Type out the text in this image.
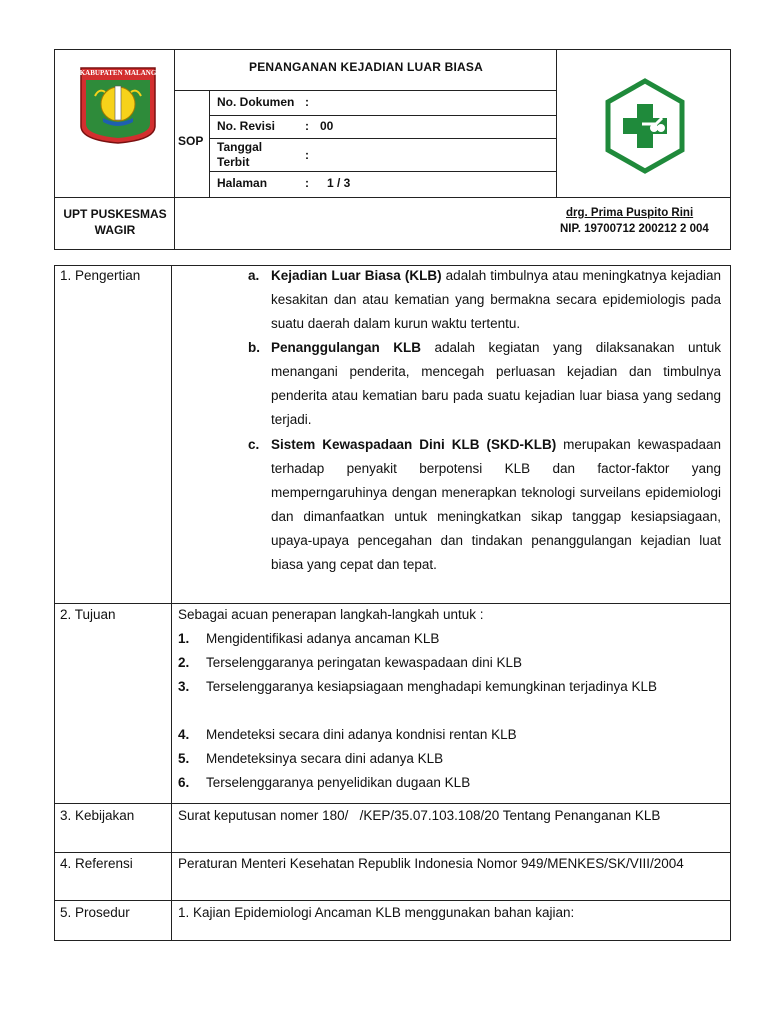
KABUPATEN MALANG	PENANGANAN KEJADIAN LUAR BIASA
SOP
No. Dokumen :
No. Revisi : 00
Tanggal Terbit	:
Halaman	: 1 / 3
UPT PUSKESMAS WAGIR
drg. Prima Puspito Rini
NIP. 19700712 200212 2 004
1. Pengertian	a. Kejadian Luar Biasa (KLB) adalah timbulnya atau meningkatnya kejadian kesakitan dan atau kematian yang bermakna secara epidemiologis pada suatu daerah dalam kurun waktu tertentu.
b. Penanggulangan KLB adalah kegiatan yang dilaksanakan untuk menangani penderita, mencegah perluasan kejadian dan timbulnya penderita atau kematian baru pada suatu kejadian luar biasa yang sedang terjadi.
c. Sistem Kewaspadaan Dini KLB (SKD-KLB) merupakan kewaspadaan terhadap penyakit berpotensi KLB dan factor-faktor yang memperngaruhinya dengan menerapkan teknologi surveilans epidemiologi dan dimanfaatkan untuk meningkatkan sikap tanggap kesiapsiagaan, upaya-upaya pencegahan dan tindakan penanggulangan kejadian luat biasa yang cepat dan tepat.
2. Tujuan	Sebagai acuan penerapan langkah-langkah untuk :
1. Mengidentifikasi adanya ancaman KLB
2. Terselenggaranya peringatan kewaspadaan dini KLB
3. Terselenggaranya kesiapsiagaan menghadapi kemungkinan terjadinya KLB
4. Mendeteksi secara dini adanya kondnisi rentan KLB
5. Mendeteksinya secara dini adanya KLB
6. Terselenggaranya penyelidikan dugaan KLB
3. Kebijakan	Surat keputusan nomer 180/   /KEP/35.07.103.108/20 Tentang Penanganan KLB
4. Referensi	Peraturan Menteri Kesehatan Republik Indonesia Nomor 949/MENKES/SK/VIII/2004
5. Prosedur	1. Kajian Epidemiologi Ancaman KLB menggunakan bahan kajian:
